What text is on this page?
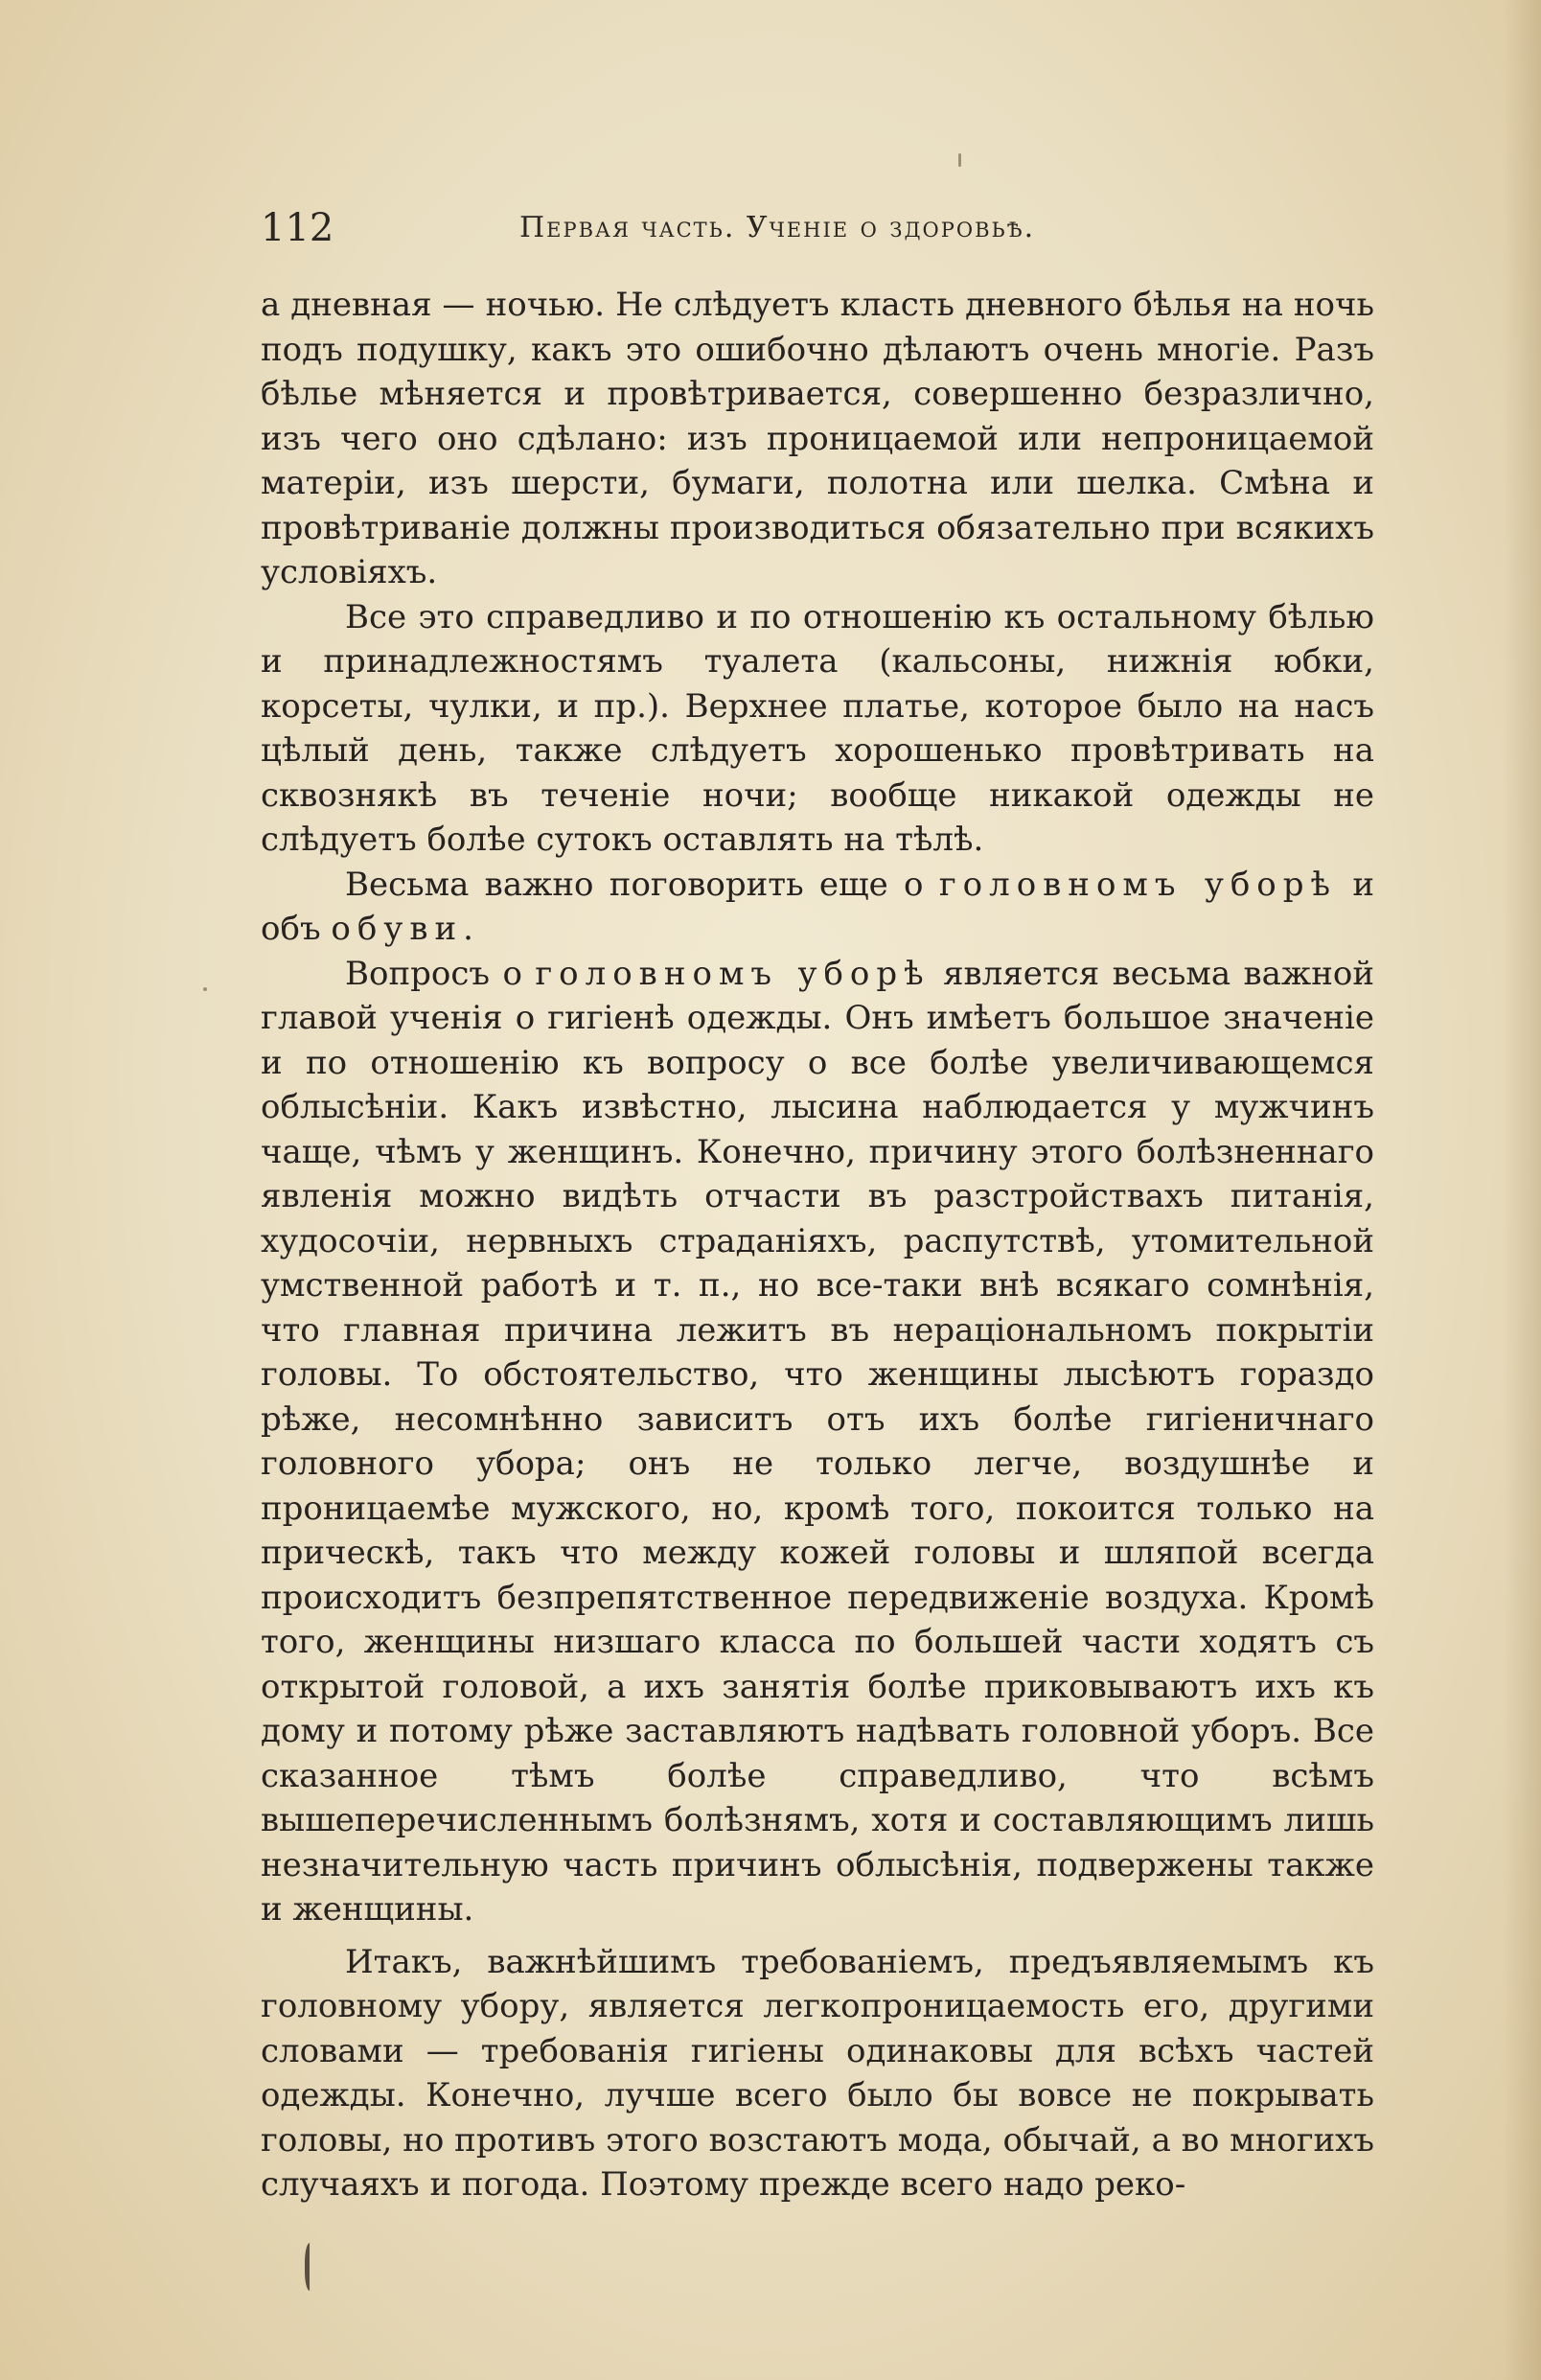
112	Первая часть. Ученіе о здоровьѣ.

а дневная — ночью. Не слѣдуетъ класть дневного бѣлья на ночь подъ подушку, какъ это ошибочно дѣлаютъ очень многіе. Разъ бѣлье мѣняется и провѣтривается, совершенно безразлично, изъ чего оно сдѣлано: изъ проницаемой или непроницаемой матеріи, изъ шерсти, бумаги, полотна или шелка. Смѣна и провѣтриваніе должны производиться обязательно при всякихъ условіяхъ.

Все это справедливо и по отношенію къ остальному бѣлью и принадлежностямъ туалета (кальсоны, нижнія юбки, корсеты, чулки, и пр.). Верхнее платье, которое было на насъ цѣлый день, также слѣдуетъ хорошенько провѣтривать на сквознякѣ въ теченіе ночи; вообще никакой одежды не слѣдуетъ болѣе сутокъ оставлять на тѣлѣ.

Весьма важно поговорить еще о головномъ уборѣ и объ обуви.

Вопросъ о головномъ уборѣ является весьма важной главой ученія о гигіенѣ одежды. Онъ имѣетъ большое значеніе и по отношенію къ вопросу о все болѣе увеличивающемся облысѣніи. Какъ извѣстно, лысина наблюдается у мужчинъ чаще, чѣмъ у женщинъ. Конечно, причину этого болѣзненнаго явленія можно видѣть отчасти въ разстройствахъ питанія, худосочіи, нервныхъ страданіяхъ, распутствѣ, утомительной умственной работѣ и т. п., но все-таки внѣ всякаго сомнѣнія, что главная причина лежитъ въ нераціональномъ покрытіи головы. То обстоятельство, что женщины лысѣютъ гораздо рѣже, несомнѣнно зависитъ отъ ихъ болѣе гигіеничнаго головного убора; онъ не только легче, воздушнѣе и проницаемѣе мужского, но, кромѣ того, покоится только на прическѣ, такъ что между кожей головы и шляпой всегда происходитъ безпрепятственное передвиженіе воздуха. Кромѣ того, женщины низшаго класса по большей части ходятъ съ открытой головой, а ихъ занятія болѣе приковываютъ ихъ къ дому и потому рѣже заставляютъ надѣвать головной уборъ. Все сказанное тѣмъ болѣе справедливо, что всѣмъ вышеперечисленнымъ болѣзнямъ, хотя и составляющимъ лишь незначительную часть причинъ облысѣнія, подвержены также и женщины.

Итакъ, важнѣйшимъ требованіемъ, предъявляемымъ къ головному убору, является легкопроницаемость его, другими словами — требованія гигіены одинаковы для всѣхъ частей одежды. Конечно, лучше всего было бы вовсе не покрывать головы, но противъ этого возстаютъ мода, обычай, а во многихъ случаяхъ и погода. Поэтому прежде всего надо реко-
